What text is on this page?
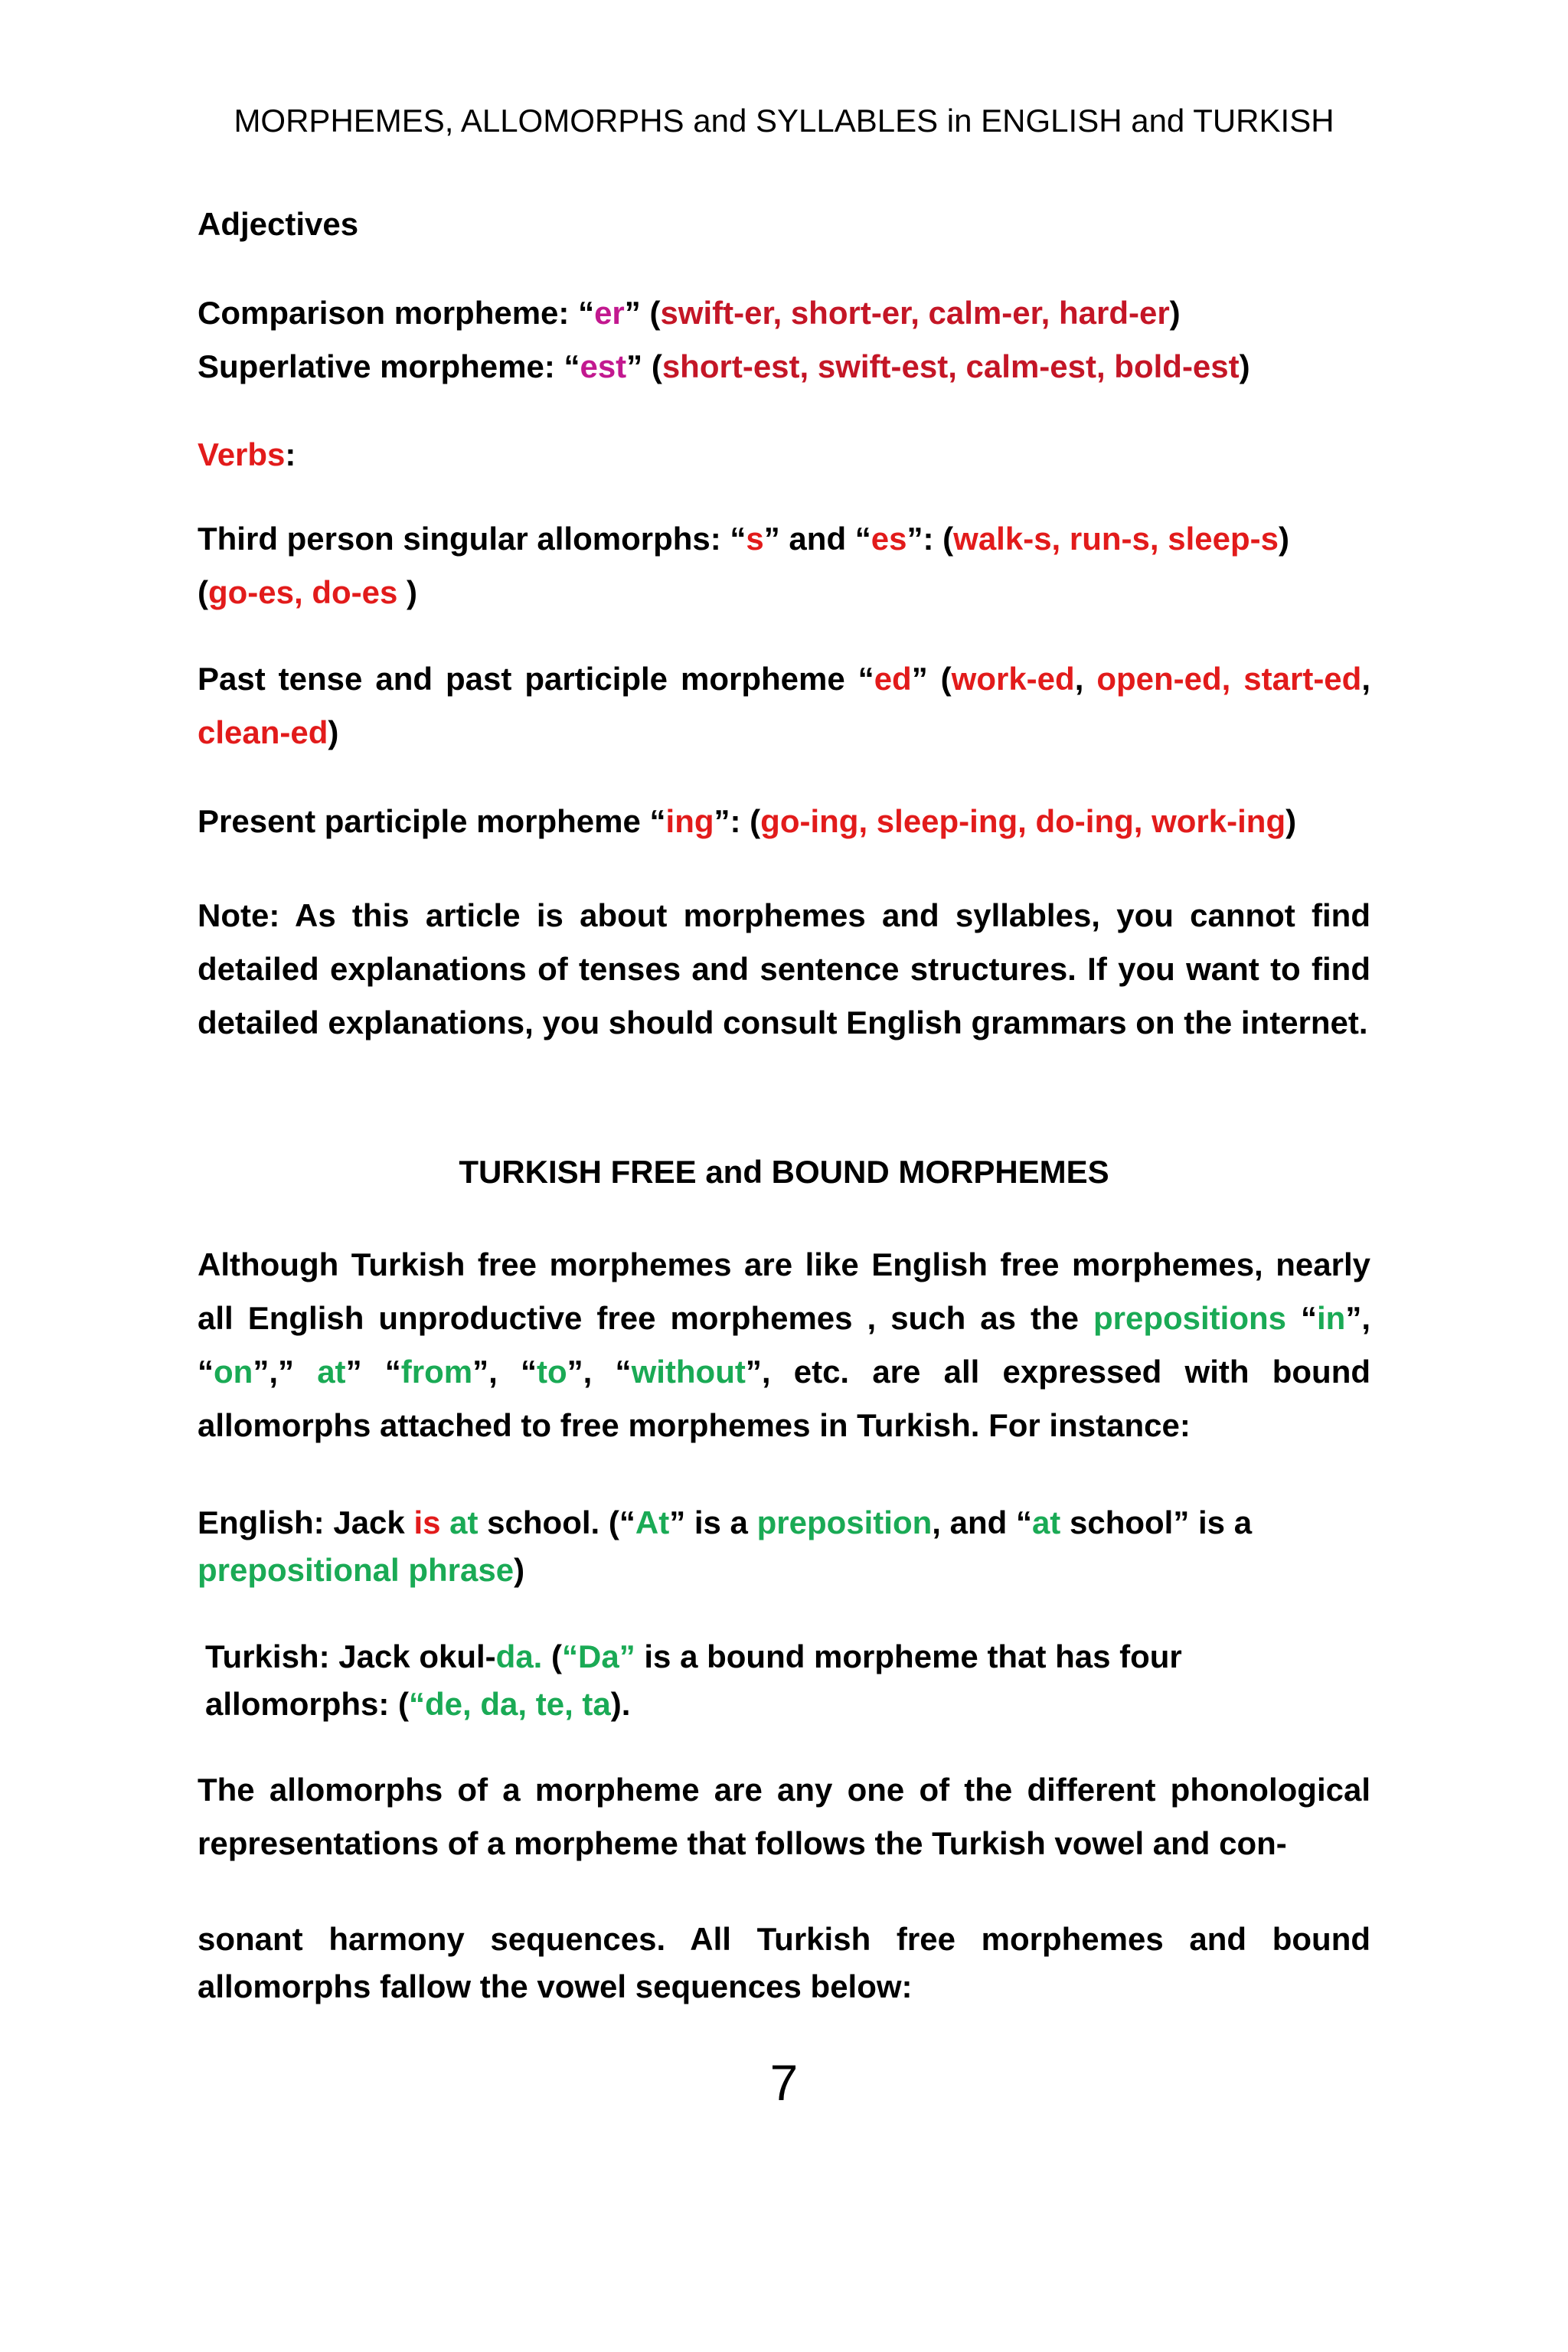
MORPHEMES, ALLOMORPHS and SYLLABLES in ENGLISH and TURKISH
Adjectives
Comparison morpheme: “er” (swift-er, short-er, calm-er, hard-er)
Superlative morpheme: “est” (short-est, swift-est, calm-est, bold-est)
Verbs:
Third person singular allomorphs: “s” and “es”: (walk-s, run-s, sleep-s)
(go-es, do-es )
Past tense and past participle morpheme “ed” (work-ed, open-ed, start-ed, clean-ed)
Present participle morpheme “ing”: (go-ing, sleep-ing, do-ing, work-ing)
Note: As this article is about morphemes and syllables, you cannot find detailed explanations of tenses and sentence structures. If you want to find detailed explanations, you should consult English grammars on the internet.
TURKISH FREE and BOUND MORPHEMES
Although Turkish free morphemes are like English free morphemes, nearly all English unproductive free morphemes , such as the prepositions “in”, “on”,” at” “from”, “to”, “without”, etc. are all expressed with bound allomorphs attached to free morphemes in Turkish. For instance:
English: Jack is at school. (“At” is a preposition, and “at school” is a prepositional phrase)
Turkish: Jack okul-da. (“Da” is a bound morpheme that has four allomorphs: (“de, da, te, ta).
The allomorphs of a morpheme are any one of the different phonological representations of a morpheme that follows the Turkish vowel and con-
sonant harmony sequences. All Turkish free morphemes and bound allomorphs fallow the vowel sequences below:
7
